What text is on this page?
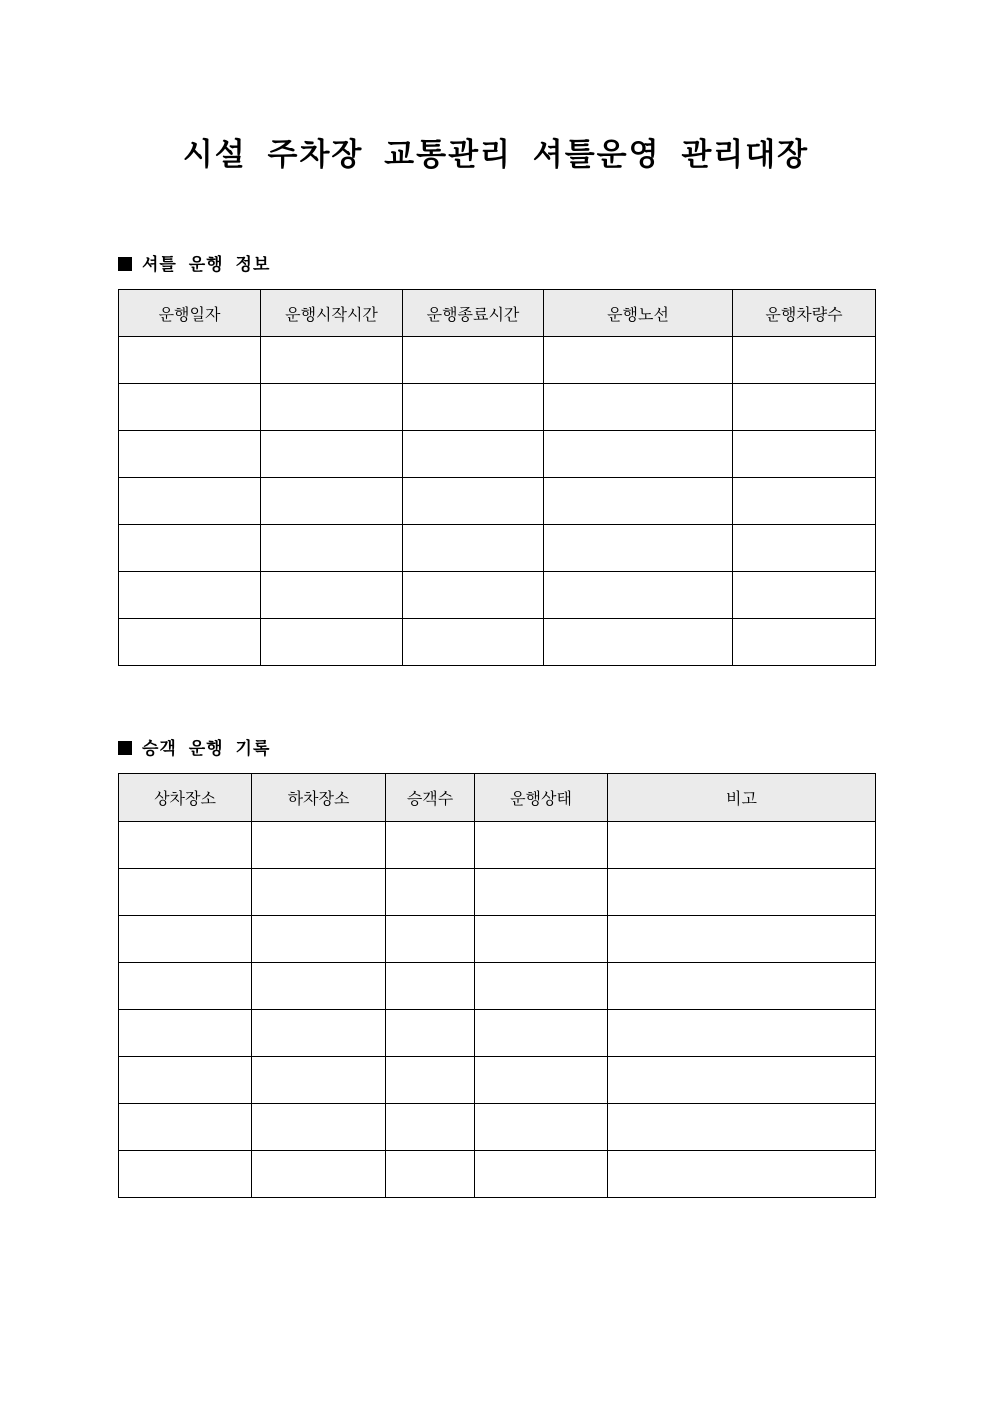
시설 주차장 교통관리 셔틀운영 관리대장
셔틀 운행 정보
운행일자	운행시작시간	운행종료시간	운행노선	운행차량수

승객 운행 기록
상차장소	하차장소	승객수	운행상태	비고
